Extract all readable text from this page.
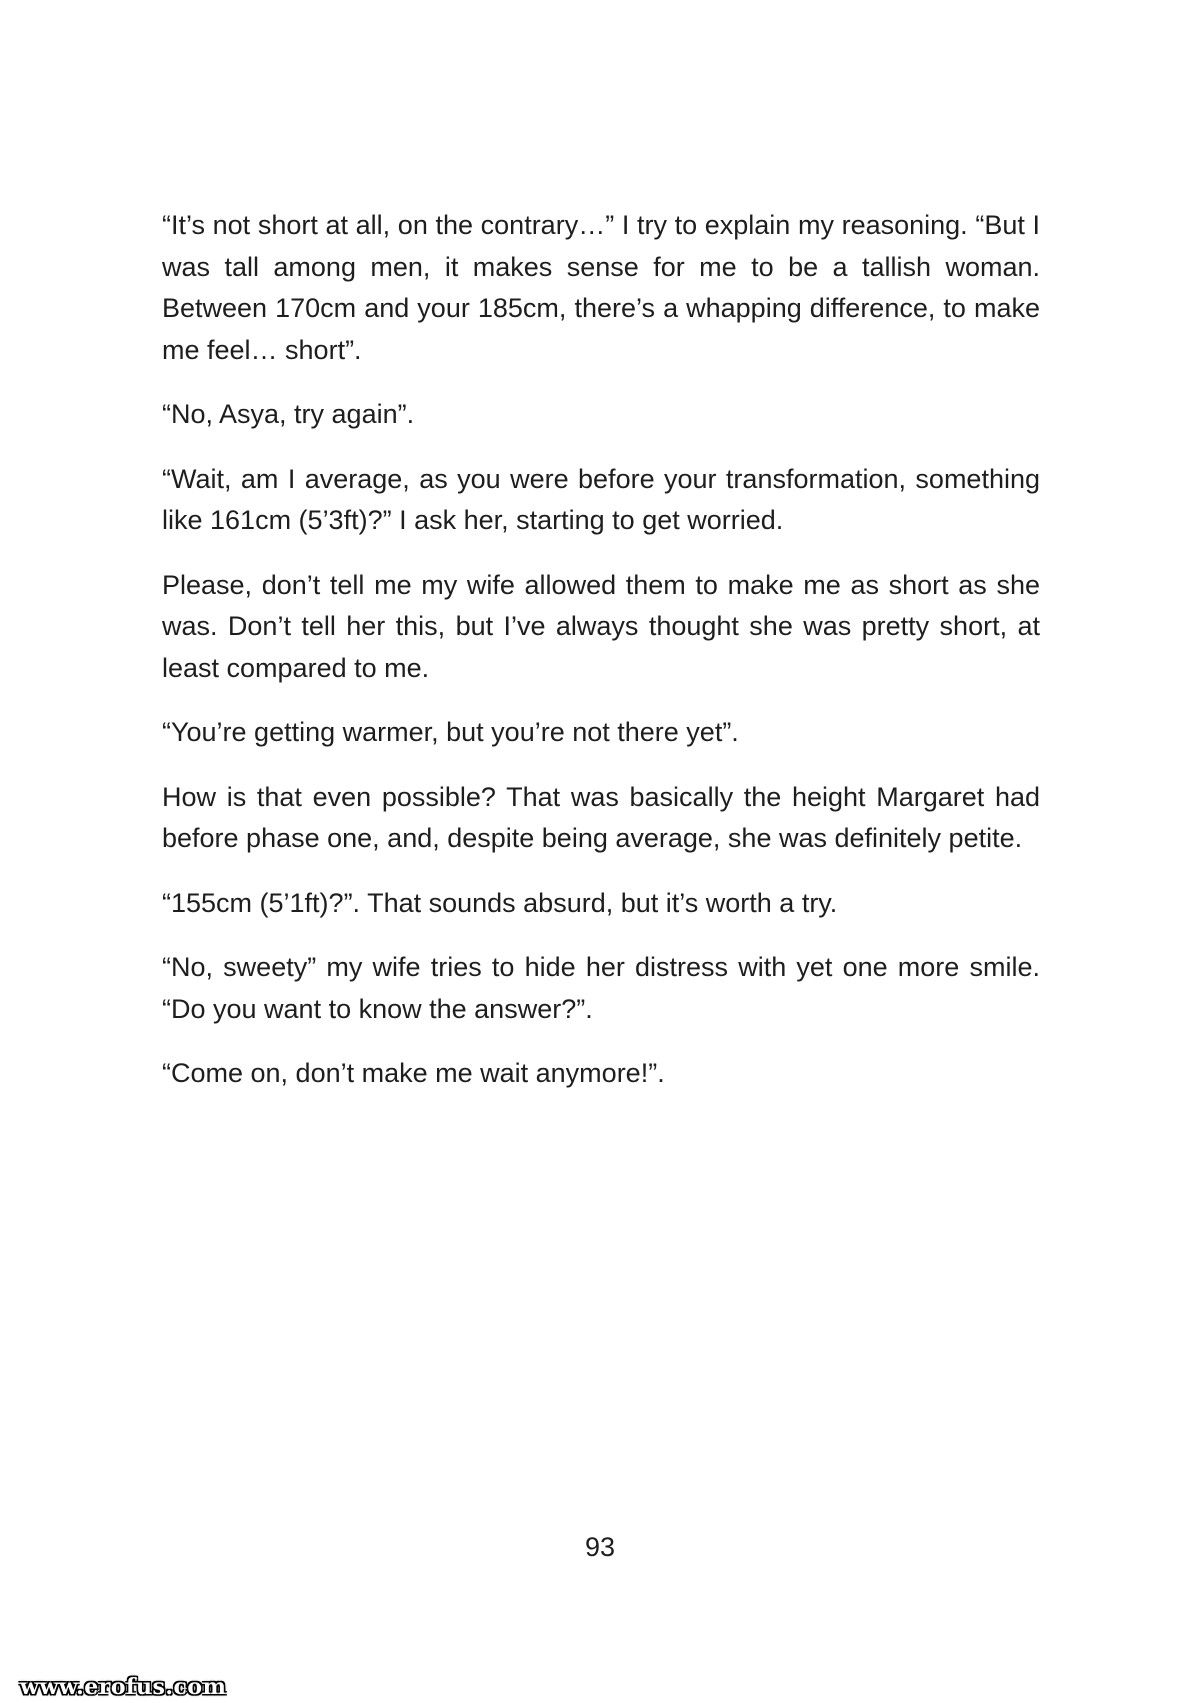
“It’s not short at all, on the contrary…” I try to explain my reasoning. “But I was tall among men, it makes sense for me to be a tallish woman. Between 170cm and your 185cm, there’s a whapping difference, to make me feel… short”.

“No, Asya, try again”.

“Wait, am I average, as you were before your transformation, something like 161cm (5’3ft)?” I ask her, starting to get worried.

Please, don’t tell me my wife allowed them to make me as short as she was. Don’t tell her this, but I’ve always thought she was pretty short, at least compared to me.

“You’re getting warmer, but you’re not there yet”.

How is that even possible? That was basically the height Margaret had before phase one, and, despite being average, she was definitely petite.

“155cm (5’1ft)?”. That sounds absurd, but it’s worth a try.

“No, sweety” my wife tries to hide her distress with yet one more smile. “Do you want to know the answer?”.

“Come on, don’t make me wait anymore!”.

93
www.erofus.com
